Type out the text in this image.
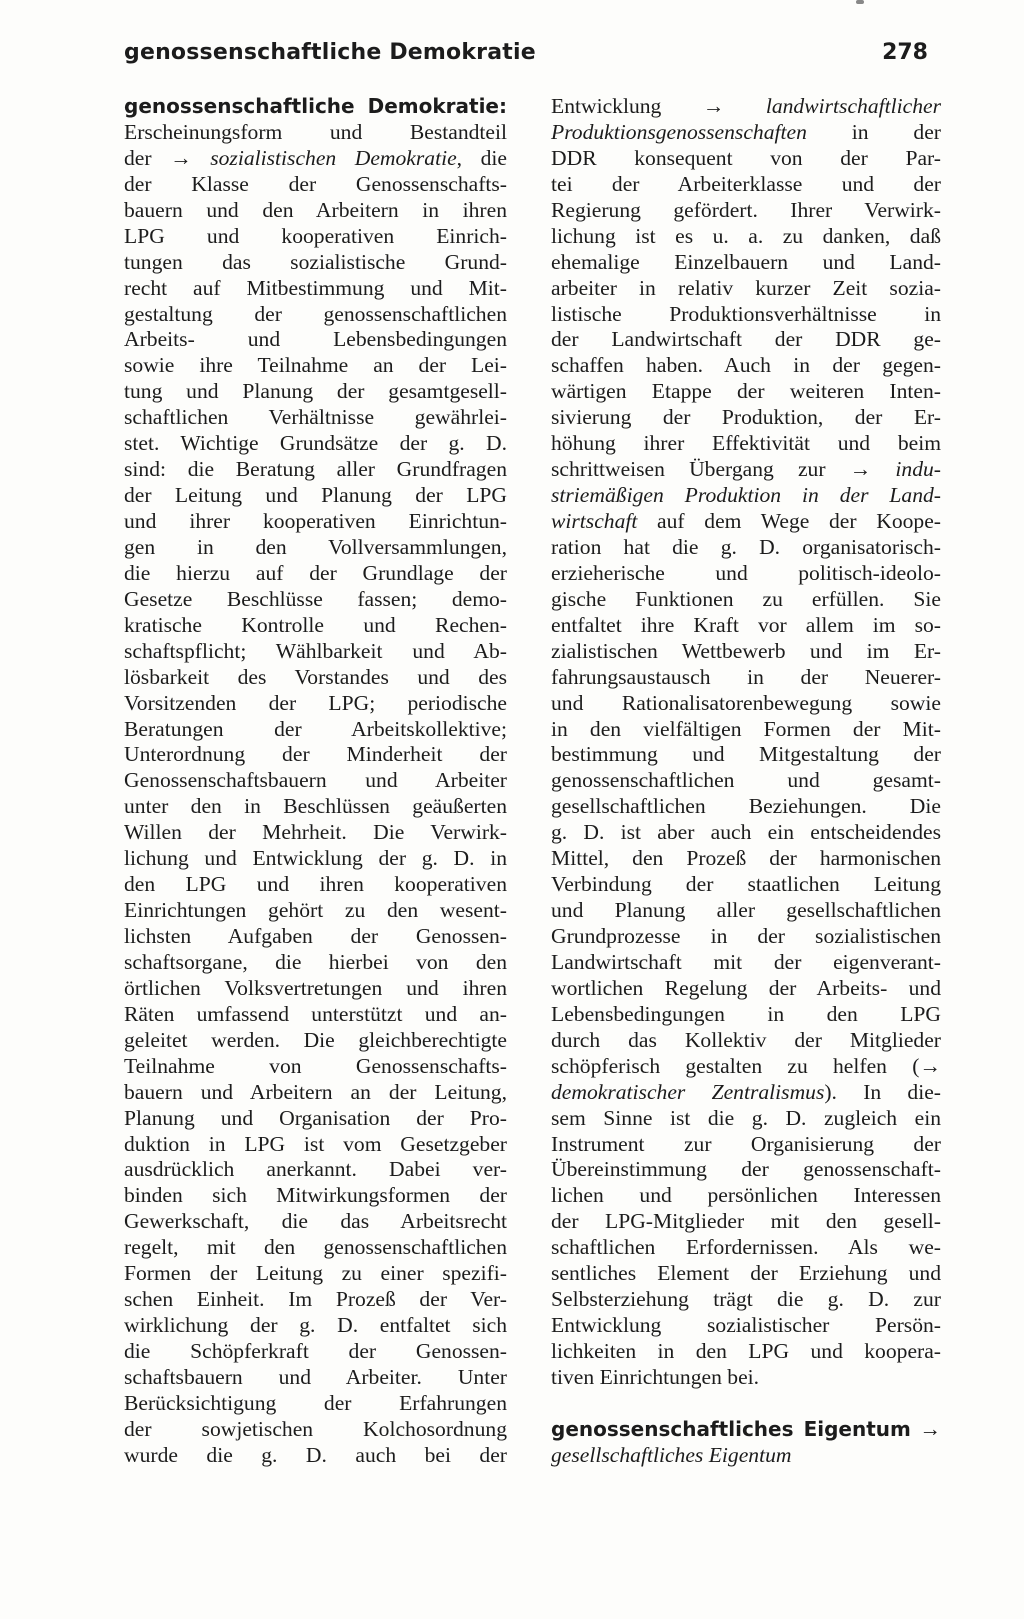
genossenschaftliche Demokratie	278
genossenschaftliche Demokratie:
Erscheinungsform und Bestandteil
der → sozialistischen Demokratie, die
der Klasse der Genossenschafts-
bauern und den Arbeitern in ihren
LPG und kooperativen Einrich-
tungen das sozialistische Grund-
recht auf Mitbestimmung und Mit-
gestaltung der genossenschaftlichen
Arbeits- und Lebensbedingungen
sowie ihre Teilnahme an der Lei-
tung und Planung der gesamtgesell-
schaftlichen Verhältnisse gewährlei-
stet. Wichtige Grundsätze der g. D.
sind: die Beratung aller Grundfragen
der Leitung und Planung der LPG
und ihrer kooperativen Einrichtun-
gen in den Vollversammlungen,
die hierzu auf der Grundlage der
Gesetze Beschlüsse fassen; demo-
kratische Kontrolle und Rechen-
schaftspflicht; Wählbarkeit und Ab-
lösbarkeit des Vorstandes und des
Vorsitzenden der LPG; periodische
Beratungen der Arbeitskollektive;
Unterordnung der Minderheit der
Genossenschaftsbauern und Arbeiter
unter den in Beschlüssen geäußerten
Willen der Mehrheit. Die Verwirk-
lichung und Entwicklung der g. D. in
den LPG und ihren kooperativen
Einrichtungen gehört zu den wesent-
lichsten Aufgaben der Genossen-
schaftsorgane, die hierbei von den
örtlichen Volksvertretungen und ihren
Räten umfassend unterstützt und an-
geleitet werden. Die gleichberechtigte
Teilnahme von Genossenschafts-
bauern und Arbeitern an der Leitung,
Planung und Organisation der Pro-
duktion in LPG ist vom Gesetzgeber
ausdrücklich anerkannt. Dabei ver-
binden sich Mitwirkungsformen der
Gewerkschaft, die das Arbeitsrecht
regelt, mit den genossenschaftlichen
Formen der Leitung zu einer spezifi-
schen Einheit. Im Prozeß der Ver-
wirklichung der g. D. entfaltet sich
die Schöpferkraft der Genossen-
schaftsbauern und Arbeiter. Unter
Berücksichtigung der Erfahrungen
der sowjetischen Kolchosordnung
wurde die g. D. auch bei der
Entwicklung → landwirtschaftlicher
Produktionsgenossenschaften in der
DDR konsequent von der Par-
tei der Arbeiterklasse und der
Regierung gefördert. Ihrer Verwirk-
lichung ist es u. a. zu danken, daß
ehemalige Einzelbauern und Land-
arbeiter in relativ kurzer Zeit sozia-
listische Produktionsverhältnisse in
der Landwirtschaft der DDR ge-
schaffen haben. Auch in der gegen-
wärtigen Etappe der weiteren Inten-
sivierung der Produktion, der Er-
höhung ihrer Effektivität und beim
schrittweisen Übergang zur → indu-
striemäßigen Produktion in der Land-
wirtschaft auf dem Wege der Koope-
ration hat die g. D. organisatorisch-
erzieherische und politisch-ideolo-
gische Funktionen zu erfüllen. Sie
entfaltet ihre Kraft vor allem im so-
zialistischen Wettbewerb und im Er-
fahrungsaustausch in der Neuerer-
und Rationalisatorenbewegung sowie
in den vielfältigen Formen der Mit-
bestimmung und Mitgestaltung der
genossenschaftlichen und gesamt-
gesellschaftlichen Beziehungen. Die
g. D. ist aber auch ein entscheidendes
Mittel, den Prozeß der harmonischen
Verbindung der staatlichen Leitung
und Planung aller gesellschaftlichen
Grundprozesse in der sozialistischen
Landwirtschaft mit der eigenverant-
wortlichen Regelung der Arbeits- und
Lebensbedingungen in den LPG
durch das Kollektiv der Mitglieder
schöpferisch gestalten zu helfen (→
demokratischer Zentralismus). In die-
sem Sinne ist die g. D. zugleich ein
Instrument zur Organisierung der
Übereinstimmung der genossenschaft-
lichen und persönlichen Interessen
der LPG-Mitglieder mit den gesell-
schaftlichen Erfordernissen. Als we-
sentliches Element der Erziehung und
Selbsterziehung trägt die g. D. zur
Entwicklung sozialistischer Persön-
lichkeiten in den LPG und koopera-
tiven Einrichtungen bei.
genossenschaftliches Eigentum →
gesellschaftliches Eigentum
